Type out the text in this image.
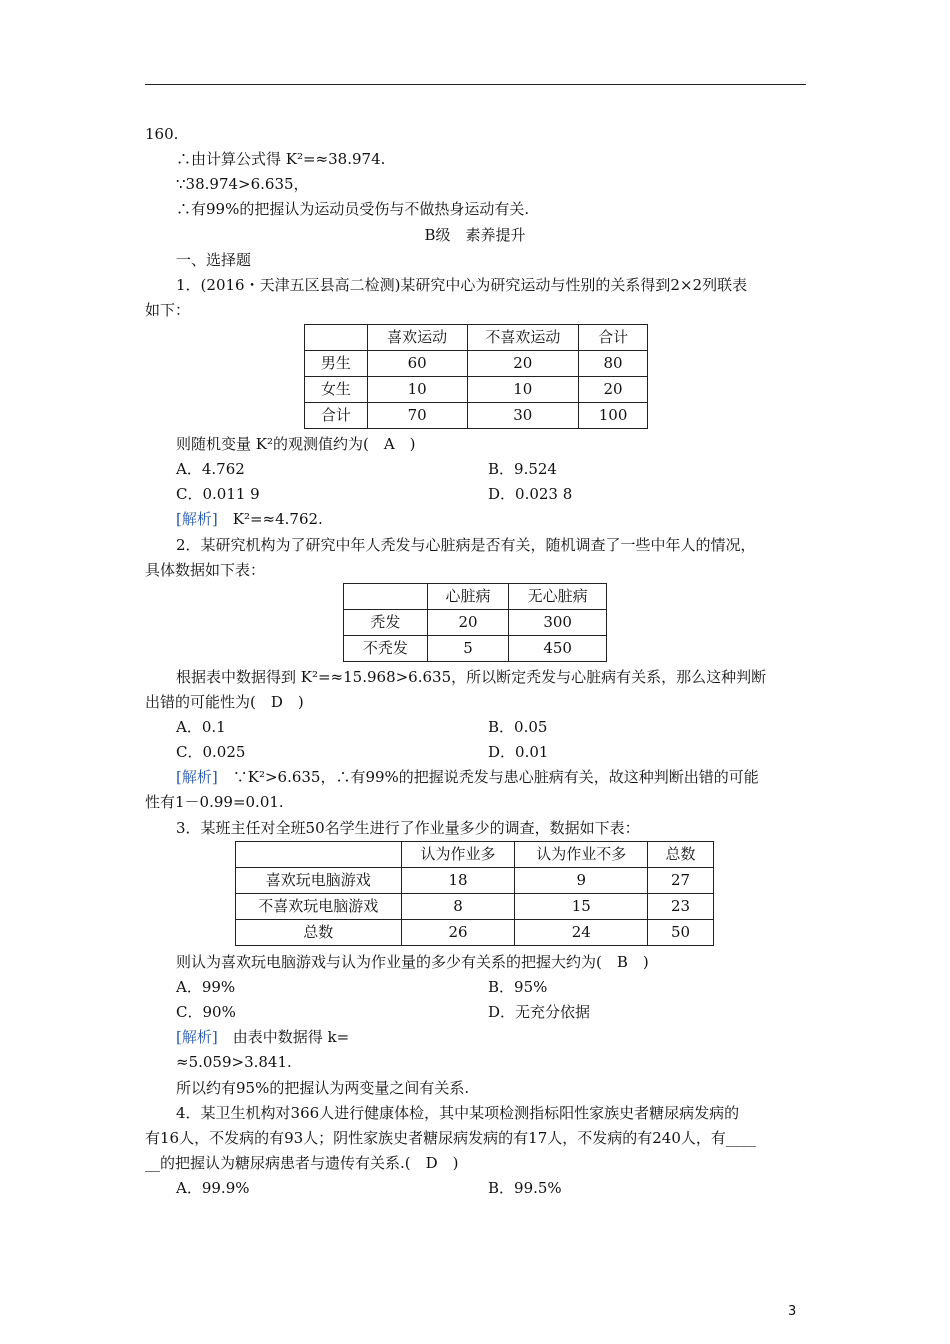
160.
∴由计算公式得 K²=≈38.974.
∵38.974>6.635，
∴有99%的把握认为运动员受伤与不做热身运动有关.
B级　素养提升
一、选择题
1．(2016・天津五区县高二检测)某研究中心为研究运动与性别的关系得到2×2列联表
如下：
	喜欢运动	不喜欢运动	合计
男生	60	20	80
女生	10	10	20
合计	70	30	100
则随机变量 K²的观测值约为(　A　)
A．4.762	B．9.524
C．0.011 9	D．0.023 8
[解析]　 K²=≈4.762.
2．某研究机构为了研究中年人秃发与心脏病是否有关，随机调查了一些中年人的情况，
具体数据如下表：
	心脏病	无心脏病
秃发	20	300
不秃发	5	450
根据表中数据得到 K²=≈15.968>6.635，所以断定秃发与心脏病有关系，那么这种判断
出错的可能性为(　D　)
A．0.1	B．0.05
C．0.025	D．0.01
[解析]　 ∵K²>6.635，∴有99%的把握说秃发与患心脏病有关，故这种判断出错的可能
性有1－0.99=0.01.
3．某班主任对全班50名学生进行了作业量多少的调查，数据如下表：
	认为作业多	认为作业不多	总数
喜欢玩电脑游戏	18	9	27
不喜欢玩电脑游戏	8	15	23
总数	26	24	50
则认为喜欢玩电脑游戏与认为作业量的多少有关系的把握大约为(　B　)
A．99%	B．95%
C．90%	D．无充分依据
[解析]　 由表中数据得 k=
≈5.059>3.841.
所以约有95%的把握认为两变量之间有关系.
4．某卫生机构对366人进行健康体检，其中某项检测指标阳性家族史者糖尿病发病的
有16人，不发病的有93人；阴性家族史者糖尿病发病的有17人，不发病的有240人，有____
__的把握认为糖尿病患者与遗传有关系.(　D　)
A．99.9%	B．99.5%
3
